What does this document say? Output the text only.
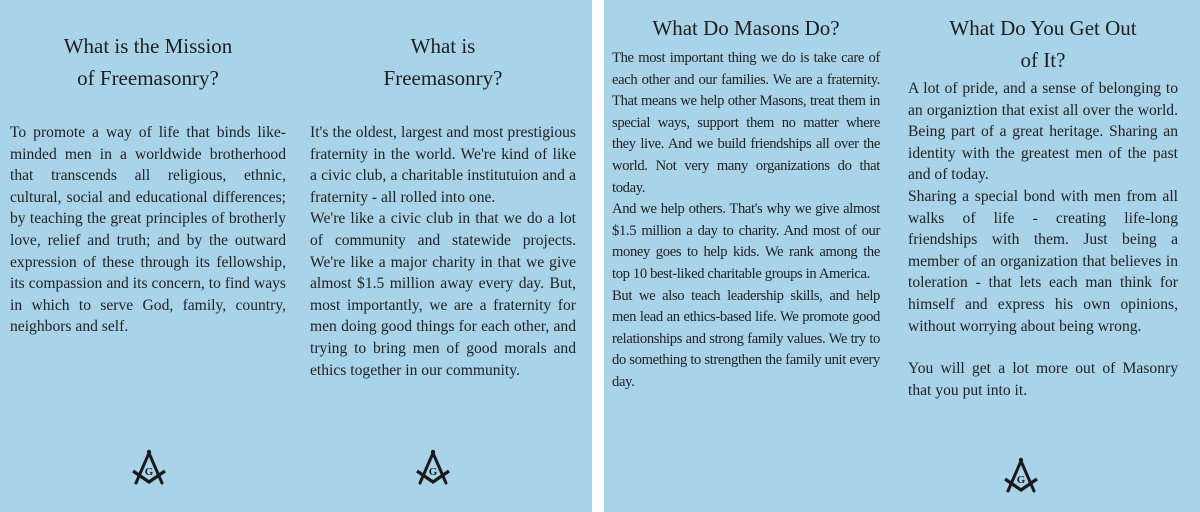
What is the Mission
of Freemasonry?

To promote a way of life that binds like-minded men in a worldwide brotherhood that transcends all religious, ethnic, cultural, social and educational differences; by teaching the great principles of brotherly love, relief and truth; and by the outward expression of these through its fellowship, its compassion and its concern, to find ways in which to serve God, family, country, neighbors and self.

What is
Freemasonry?

It's the oldest, largest and most prestigious fraternity in the world. We're kind of like a civic club, a charitable institutuion and a fraternity - all rolled into one.

We're like a civic club in that we do a lot of community and statewide projects. We're like a major charity in that we give almost $1.5 million away every day. But, most importantly, we are a fraternity for men doing good things for each other, and trying to bring men of good morals and ethics together in our community.

What Do Masons Do?

The most important thing we do is take care of each other and our families. We are a fraternity. That means we help other Masons, treat them in special ways, support them no matter where they live. And we build friendships all over the world. Not very many organizations do that today.

And we help others. That's why we give almost $1.5 million a day to charity. And most of our money goes to help kids. We rank among the top 10 best-liked charitable groups in America.

But we also teach leadership skills, and help men lead an ethics-based life. We promote good relationships and strong family values. We try to do something to strengthen the family unit every day.

What Do You Get Out
of It?

A lot of pride, and a sense of belonging to an organiztion that exist all over the world. Being part of a great heritage. Sharing an identity with the greatest men of the past and of today.

Sharing a special bond with men from all walks of life - creating life-long friendships with them. Just being a member of an organization that believes in toleration - that lets each man think for himself and express his own opinions, without worrying about being wrong.

You will get a lot more out of Masonry that you put into it.
